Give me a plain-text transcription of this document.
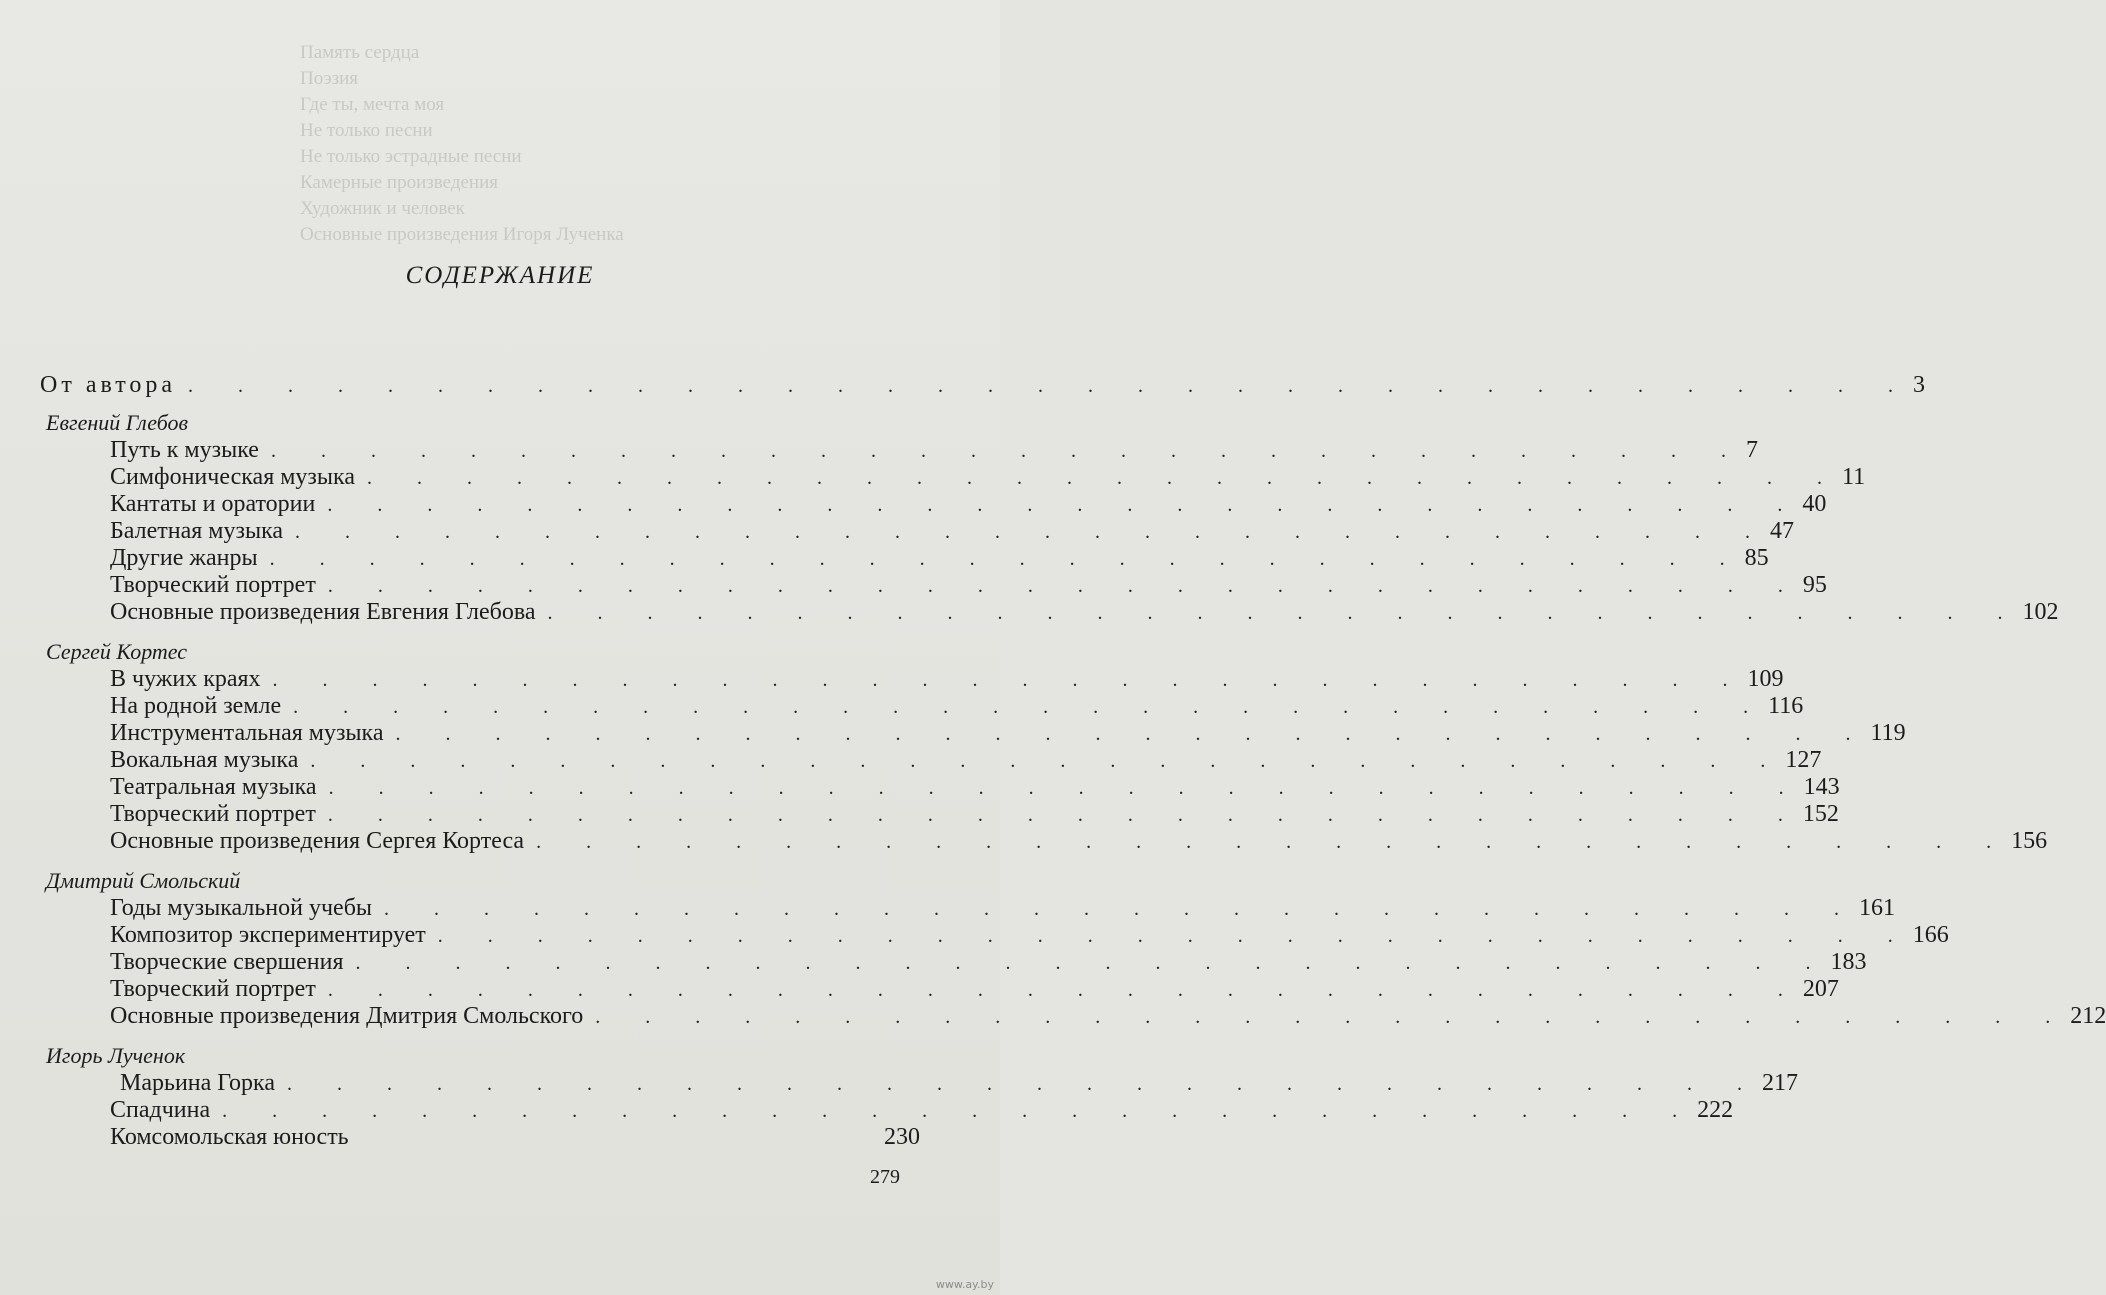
Память сердца
Поэзия
Где ты, мечта моя
Не только песни
Не только эстрадные песни
Камерные произведения
Художник и человек
Основные произведения Игоря Лученка
СОДЕРЖАНИЕ
От автора . . . . . . . . . . . . . . . . . . . . . . . . . . . . . . . . . . . 3
Евгений Глебов
Путь к музыке . . . . . . . . . . . . . . . . . . . . . . . . . . . . . . 7
Симфоническая музыка . . . . . . . . . . . . . . . . . . . . . . . . . . . . . . 11
Кантаты и оратории . . . . . . . . . . . . . . . . . . . . . . . . . . . . . . 40
Балетная музыка . . . . . . . . . . . . . . . . . . . . . . . . . . . . . . 47
Другие жанры . . . . . . . . . . . . . . . . . . . . . . . . . . . . . . 85
Творческий портрет . . . . . . . . . . . . . . . . . . . . . . . . . . . . . . 95
Основные произведения Евгения Глебова . . . . . . . . . . . . . . . . . . . . . . . . . . . . . . 102
Сергей Кортес
В чужих краях . . . . . . . . . . . . . . . . . . . . . . . . . . . . . . 109
На родной земле . . . . . . . . . . . . . . . . . . . . . . . . . . . . . . 116
Инструментальная музыка . . . . . . . . . . . . . . . . . . . . . . . . . . . . . . 119
Вокальная музыка . . . . . . . . . . . . . . . . . . . . . . . . . . . . . . 127
Театральная музыка . . . . . . . . . . . . . . . . . . . . . . . . . . . . . . 143
Творческий портрет . . . . . . . . . . . . . . . . . . . . . . . . . . . . . . 152
Основные произведения Сергея Кортеса . . . . . . . . . . . . . . . . . . . . . . . . . . . . . . 156
Дмитрий Смольский
Годы музыкальной учебы . . . . . . . . . . . . . . . . . . . . . . . . . . . . . . 161
Композитор экспериментирует . . . . . . . . . . . . . . . . . . . . . . . . . . . . . . 166
Творческие свершения . . . . . . . . . . . . . . . . . . . . . . . . . . . . . . 183
Творческий портрет . . . . . . . . . . . . . . . . . . . . . . . . . . . . . . 207
Основные произведения Дмитрия Смольского . . . . . . . . . . . . . . . . . . . . . . . . . . . . . . 212
Игорь Лученок
Марьина Горка . . . . . . . . . . . . . . . . . . . . . . . . . . . . . . 217
Спадчина . . . . . . . . . . . . . . . . . . . . . . . . . . . . . . 222
Комсомольская юность	230
279
www.ay.by
